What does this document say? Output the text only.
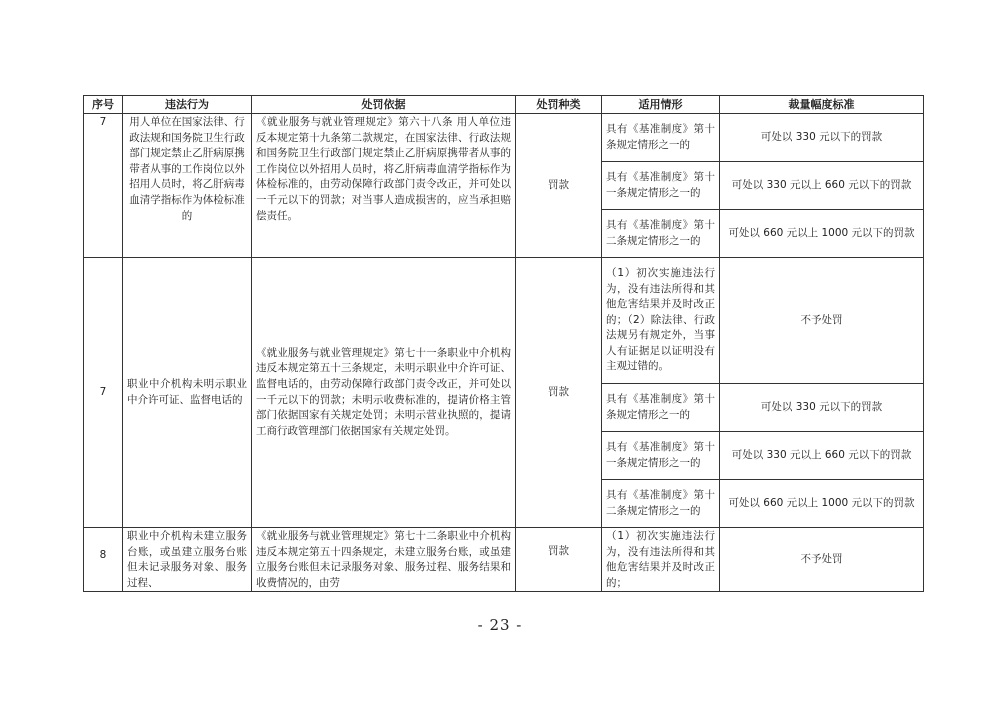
序号	违法行为	处罚依据	处罚种类	适用情形	裁量幅度标准
7	用人单位在国家法律、行政法规和国务院卫生行政部门规定禁止乙肝病原携带者从事的工作岗位以外招用人员时，将乙肝病毒血清学指标作为体检标准的	《就业服务与就业管理规定》第六十八条 用人单位违反本规定第十九条第二款规定，在国家法律、行政法规和国务院卫生行政部门规定禁止乙肝病原携带者从事的工作岗位以外招用人员时，将乙肝病毒血清学指标作为体检标准的，由劳动保障行政部门责令改正，并可处以一千元以下的罚款；对当事人造成损害的，应当承担赔偿责任。	罚款	具有《基准制度》第十条规定情形之一的	可处以 330 元以下的罚款
				具有《基准制度》第十一条规定情形之一的	可处以 330 元以上 660 元以下的罚款
				具有《基准制度》第十二条规定情形之一的	可处以 660 元以上 1000 元以下的罚款
7	职业中介机构未明示职业中介许可证、监督电话的	《就业服务与就业管理规定》第七十一条职业中介机构违反本规定第五十三条规定，未明示职业中介许可证、监督电话的，由劳动保障行政部门责令改正，并可处以一千元以下的罚款；未明示收费标准的，提请价格主管部门依据国家有关规定处罚；未明示营业执照的，提请工商行政管理部门依据国家有关规定处罚。	罚款	（1）初次实施违法行为，没有违法所得和其他危害结果并及时改正的；（2）除法律、行政法规另有规定外，当事人有证据足以证明没有主观过错的。	不予处罚
				具有《基准制度》第十条规定情形之一的	可处以 330 元以下的罚款
				具有《基准制度》第十一条规定情形之一的	可处以 330 元以上 660 元以下的罚款
				具有《基准制度》第十二条规定情形之一的	可处以 660 元以上 1000 元以下的罚款
8	职业中介机构未建立服务台账，或虽建立服务台账但未记录服务对象、服务过程、	《就业服务与就业管理规定》第七十二条职业中介机构违反本规定第五十四条规定，未建立服务台账，或虽建立服务台账但未记录服务对象、服务过程、服务结果和收费情况的，由劳	罚款	（1）初次实施违法行为，没有违法所得和其他危害结果并及时改正的；	不予处罚
- 23 -
